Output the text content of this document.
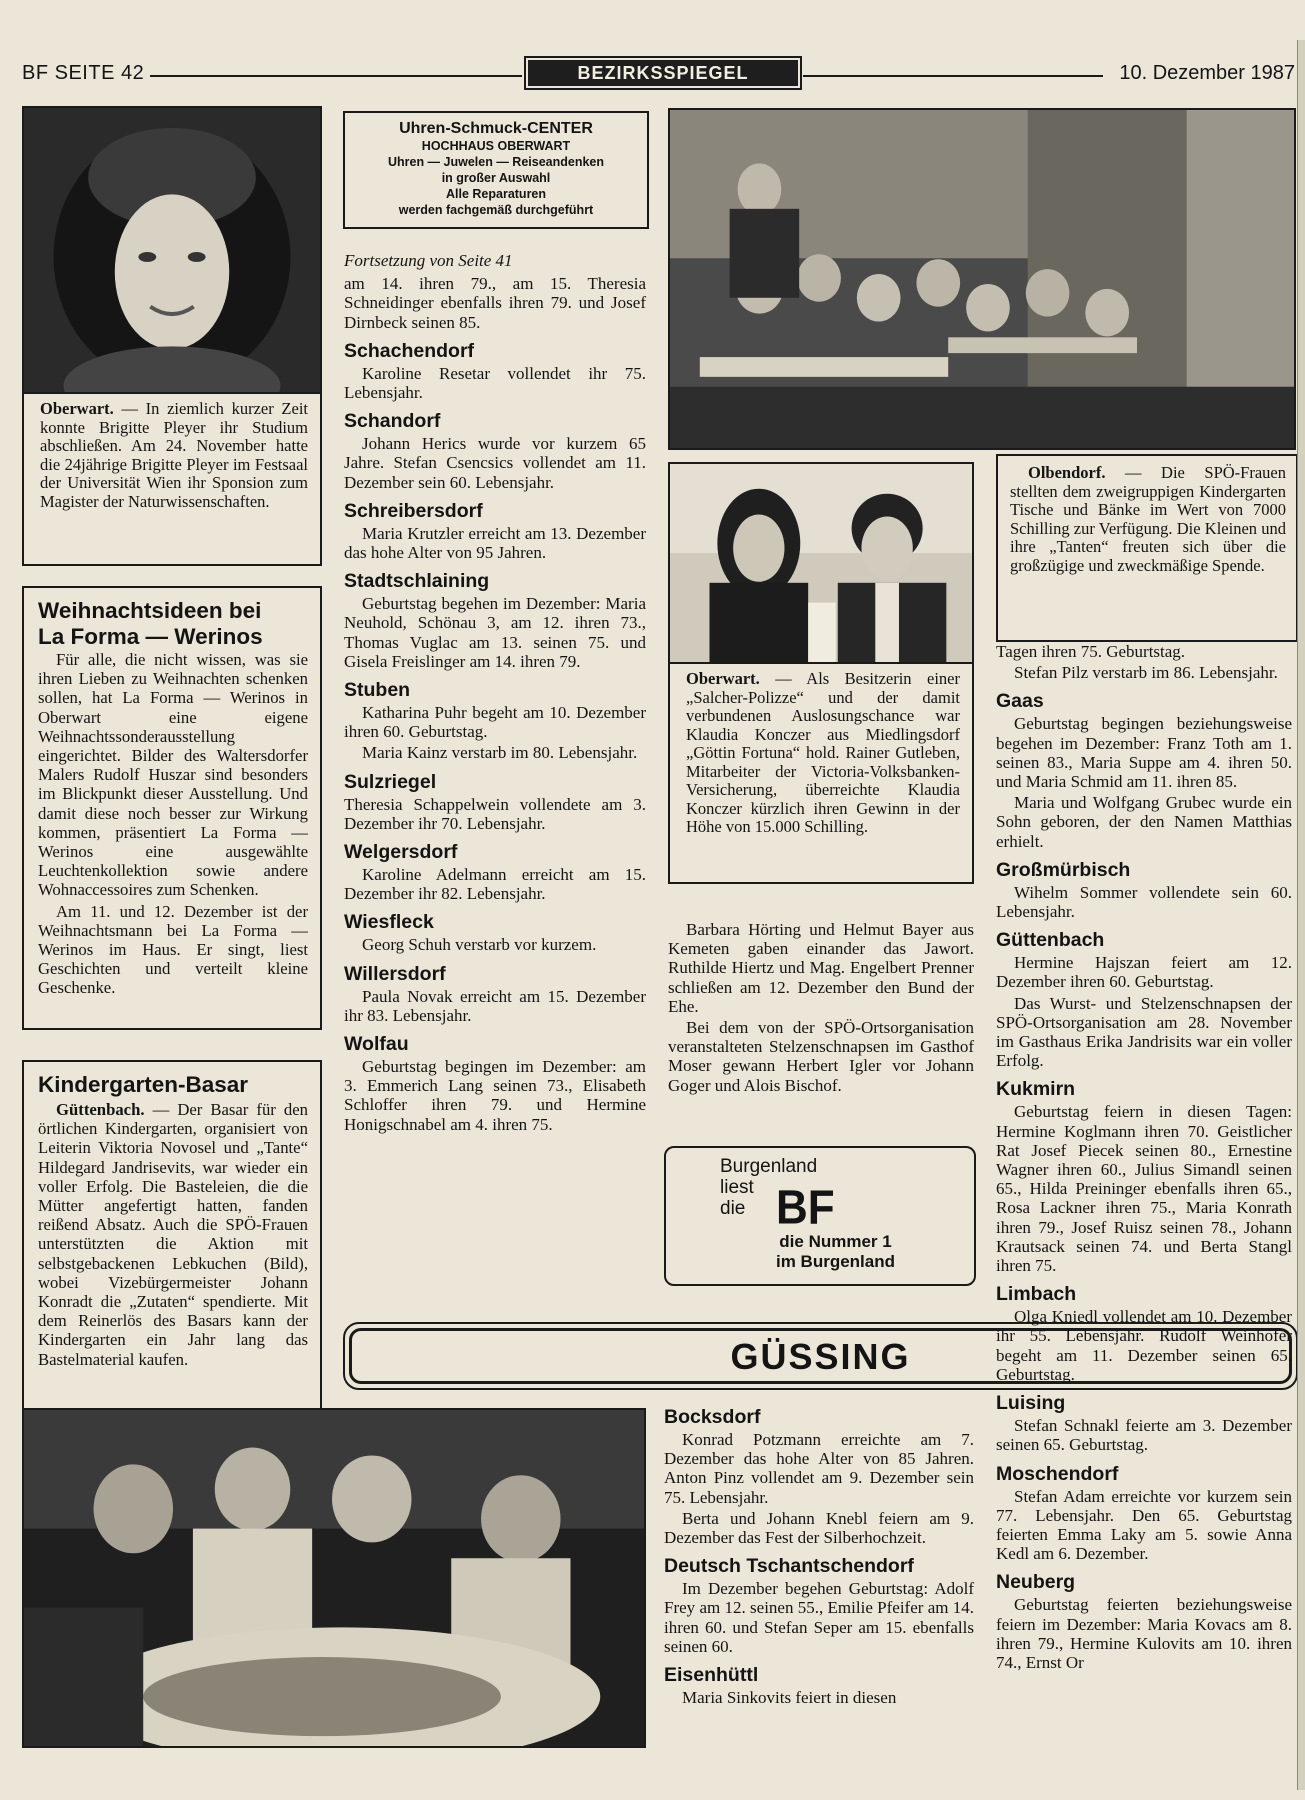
BF SEITE 42	BEZIRKSSPIEGEL	10. Dezember 1987
Oberwart. — In ziemlich kurzer Zeit konnte Brigitte Pleyer ihr Studium abschließen. Am 24. November hatte die 24jährige Brigitte Pleyer im Festsaal der Universität Wien ihr Sponsion zum Magister der Naturwissenschaften.
Weihnachtsideen bei
La Forma — Werinos

Für alle, die nicht wissen, was sie ihren Lieben zu Weihnachten schenken sollen, hat La Forma — Werinos in Oberwart eine eigene Weihnachtssonderausstellung eingerichtet. Bilder des Waltersdorfer Malers Rudolf Huszar sind besonders im Blickpunkt dieser Ausstellung. Und damit diese noch besser zur Wirkung kommen, präsentiert La Forma — Werinos eine ausgewählte Leuchtenkollektion sowie andere Wohnaccessoires zum Schenken.

Am 11. und 12. Dezember ist der Weihnachtsmann bei La Forma — Werinos im Haus. Er singt, liest Geschichten und verteilt kleine Geschenke.

Kindergarten-Basar

Güttenbach. — Der Basar für den örtlichen Kindergarten, organisiert von Leiterin Viktoria Novosel und „Tante“ Hildegard Jandrisevits, war wieder ein voller Erfolg. Die Basteleien, die die Mütter angefertigt hatten, fanden reißend Absatz. Auch die SPÖ-Frauen unterstützten die Aktion mit selbstgebackenen Lebkuchen (Bild), wobei Vizebürgermeister Johann Konradt die „Zutaten“ spendierte. Mit dem Reinerlös des Basars kann der Kindergarten ein Jahr lang das Bastelmaterial kaufen.

Uhren-Schmuck-CENTER
HOCHHAUS OBERWART
Uhren — Juwelen — Reiseandenken
in großer Auswahl
Alle Reparaturen
werden fachgemäß durchgeführt

Fortsetzung von Seite 41

am 14. ihren 79., am 15. Theresia Schneidinger ebenfalls ihren 79. und Josef Dirnbeck seinen 85.

Schachendorf

Karoline Resetar vollendet ihr 75. Lebensjahr.

Schandorf

Johann Herics wurde vor kurzem 65 Jahre. Stefan Csencsics vollendet am 11. Dezember sein 60. Lebensjahr.

Schreibersdorf

Maria Krutzler erreicht am 13. Dezember das hohe Alter von 95 Jahren.

Stadtschlaining

Geburtstag begehen im Dezember: Maria Neuhold, Schönau 3, am 12. ihren 73., Thomas Vuglac am 13. seinen 75. und Gisela Freislinger am 14. ihren 79.

Stuben

Katharina Puhr begeht am 10. Dezember ihren 60. Geburtstag.

Maria Kainz verstarb im 80. Lebensjahr.

Sulzriegel

Theresia Schappelwein vollendete am 3. Dezember ihr 70. Lebensjahr.

Welgersdorf

Karoline Adelmann erreicht am 15. Dezember ihr 82. Lebensjahr.

Wiesfleck

Georg Schuh verstarb vor kurzem.

Willersdorf

Paula Novak erreicht am 15. Dezember ihr 83. Lebensjahr.

Wolfau

Geburtstag begingen im Dezember: am 3. Emmerich Lang seinen 73., Elisabeth Schloffer ihren 79. und Hermine Honigschnabel am 4. ihren 75.

GÜSSING

Olbendorf. — Die SPÖ-Frauen stellten dem zweigruppigen Kindergarten Tische und Bänke im Wert von 7000 Schilling zur Verfügung. Die Kleinen und ihre „Tanten“ freuten sich über die großzügige und zweckmäßige Spende.

Oberwart. — Als Besitzerin einer „Salcher-Polizze“ und der damit verbundenen Auslosungschance war Klaudia Konczer aus Miedlingsdorf „Göttin Fortuna“ hold. Rainer Gutleben, Mitarbeiter der Victoria-Volksbanken-Versicherung, überreichte Klaudia Konczer kürzlich ihren Gewinn in der Höhe von 15.000 Schilling.

Barbara Hörting und Helmut Bayer aus Kemeten gaben einander das Jawort. Ruthilde Hiertz und Mag. Engelbert Prenner schließen am 12. Dezember den Bund der Ehe.

Bei dem von der SPÖ-Ortsorganisation veranstalteten Stelzenschnapsen im Gasthof Moser gewann Herbert Igler vor Johann Goger und Alois Bischof.

Burgenland
liest
die BF
die Nummer 1
im Burgenland
Bocksdorf

Konrad Potzmann erreichte am 7. Dezember das hohe Alter von 85 Jahren. Anton Pinz vollendet am 9. Dezember sein 75. Lebensjahr.

Berta und Johann Knebl feiern am 9. Dezember das Fest der Silberhochzeit.

Deutsch Tschantschendorf

Im Dezember begehen Geburtstag: Adolf Frey am 12. seinen 55., Emilie Pfeifer am 14. ihren 60. und Stefan Seper am 15. ebenfalls seinen 60.

Eisenhüttl

Maria Sinkovits feiert in diesen

Tagen ihren 75. Geburtstag.

Stefan Pilz verstarb im 86. Lebensjahr.

Gaas

Geburtstag begingen beziehungsweise begehen im Dezember: Franz Toth am 1. seinen 83., Maria Suppe am 4. ihren 50. und Maria Schmid am 11. ihren 85.

Maria und Wolfgang Grubec wurde ein Sohn geboren, der den Namen Matthias erhielt.

Großmürbisch

Wihelm Sommer vollendete sein 60. Lebensjahr.

Güttenbach

Hermine Hajszan feiert am 12. Dezember ihren 60. Geburtstag.

Das Wurst- und Stelzenschnapsen der SPÖ-Ortsorganisation am 28. November im Gasthaus Erika Jandrisits war ein voller Erfolg.

Kukmirn

Geburtstag feiern in diesen Tagen: Hermine Koglmann ihren 70. Geistlicher Rat Josef Piecek seinen 80., Ernestine Wagner ihren 60., Julius Simandl seinen 65., Hilda Preininger ebenfalls ihren 65., Rosa Lackner ihren 75., Maria Konrath ihren 79., Josef Ruisz seinen 78., Johann Krautsack seinen 74. und Berta Stangl ihren 75.

Limbach

Olga Kniedl vollendet am 10. Dezember ihr 55. Lebensjahr. Rudolf Weinhofer begeht am 11. Dezember seinen 65. Geburtstag.

Luising

Stefan Schnakl feierte am 3. Dezember seinen 65. Geburtstag.

Moschendorf

Stefan Adam erreichte vor kurzem sein 77. Lebensjahr. Den 65. Geburtstag feierten Emma Laky am 5. sowie Anna Kedl am 6. Dezember.

Neuberg

Geburtstag feierten beziehungsweise feiern im Dezember: Maria Kovacs am 8. ihren 79., Hermine Kulovits am 10. ihren 74., Ernst Or
